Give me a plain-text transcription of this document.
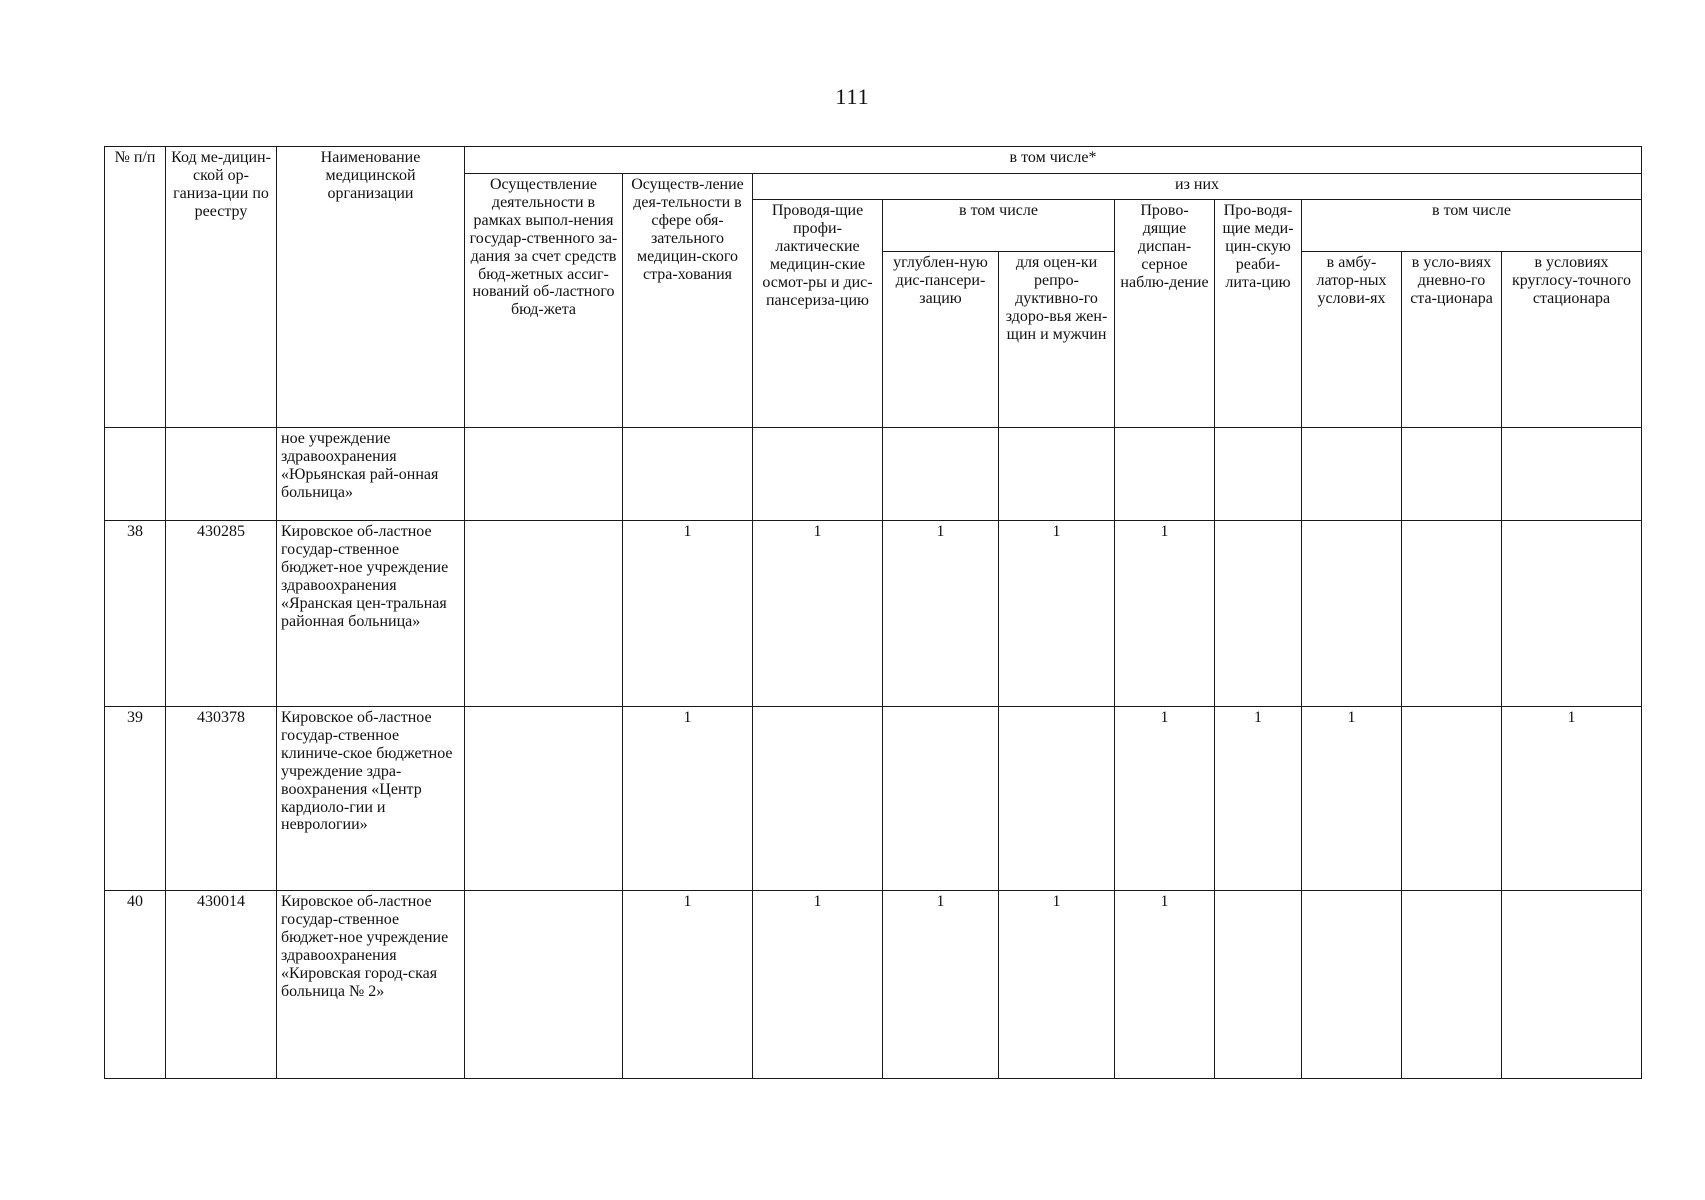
111
№ п/п	Код ме-дицин-ской ор-ганиза-ции по реестру	Наименование медицинской организации	в том числе*									
			Осуществление деятельности в рамках выпол-нения государ-ственного за-дания за счет средств бюд-жетных ассиг-нований об-ластного бюд-жета	Осуществ-ление дея-тельности в сфере обя-зательного медицин-ского стра-хования	из них							
					Проводя-щие профи-лактические медицин-ские осмот-ры и дис-пансериза-цию	в том числе		Прово-дящие диспан-серное наблю-дение	Про-водя-щие меди-цин-скую реаби-лита-цию	в том числе		
						углублен-ную дис-пансери-зацию	для оцен-ки репро-дуктивно-го здоро-вья жен-щин и мужчин			в амбу-латор-ных услови-ях	в усло-виях дневно-го ста-ционара	в условиях круглосу-точного стационара
		ное учреждение здравоохранения «Юрьянская рай-онная больница»										
38	430285	Кировское об-ластное государ-ственное бюджет-ное учреждение здравоохранения «Яранская цен-тральная районная больница»		1	1	1	1	1				
39	430378	Кировское об-ластное государ-ственное клиниче-ское бюджетное учреждение здра-воохранения «Центр кардиоло-гии и неврологии»		1				1	1	1		1
40	430014	Кировское об-ластное государ-ственное бюджет-ное учреждение здравоохранения «Кировская город-ская больница № 2»		1	1	1	1	1				
